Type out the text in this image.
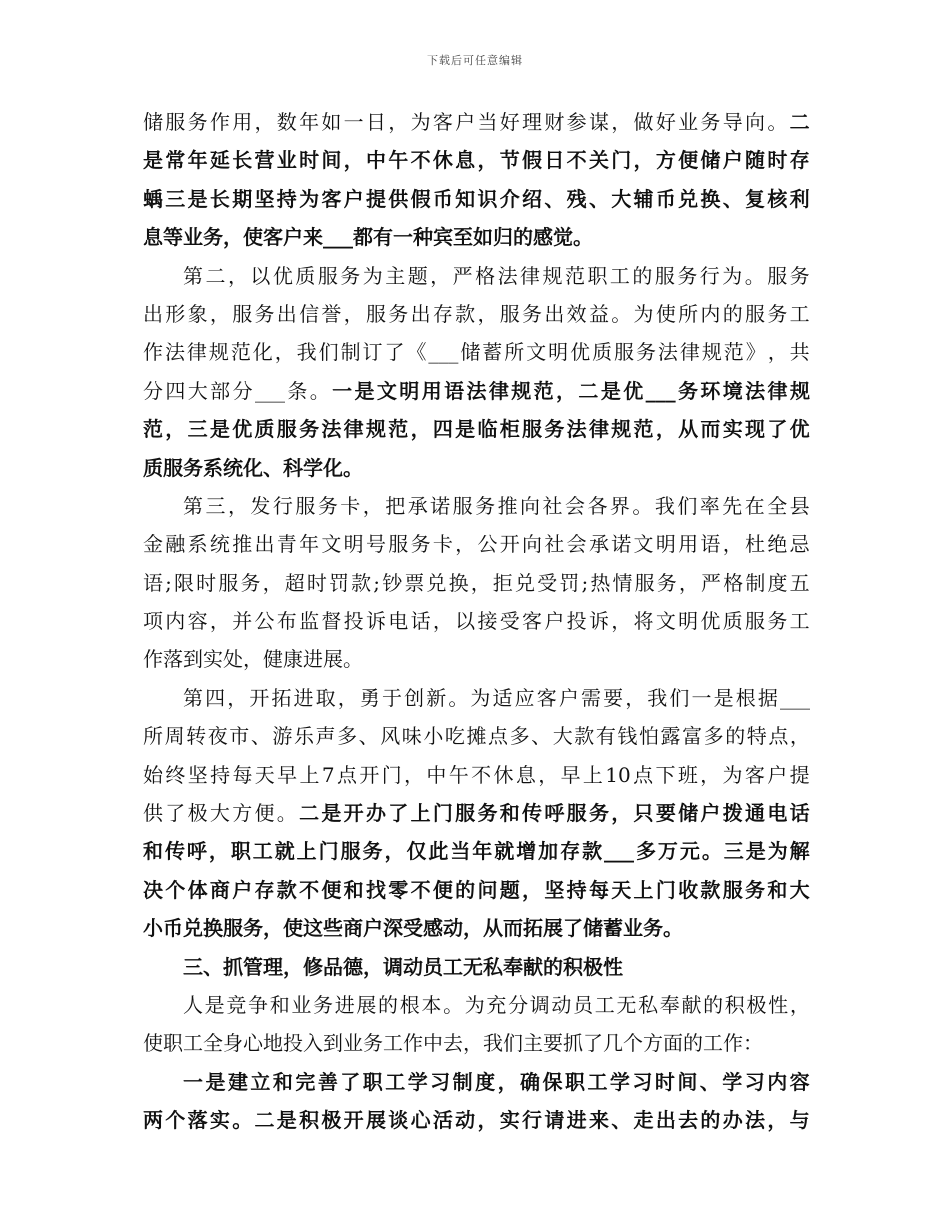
下载后可任意编辑
储 服 务 作 用 ， 数 年 如 一 日 ， 为 客 户 当 好 理 财 参 谋 ， 做 好 业 务 导 向 。 二
是 常 年 延 长 营 业 时 间 ， 中 午 不 休 息 ， 节 假 日 不 关 门 ， 方 便 储 户 随 时 存
蝺 三 是 长 期 坚 持 为 客 户 提 供 假 币 知 识 介 绍 、 残 、 大 辅 币 兑 换 、 复 核 利
息等业务，使客户来___都有一种宾至如归的感觉。
第 二 ， 以 优 质 服 务 为 主 题 ， 严 格 法 律 规 范 职 工 的 服 务 行 为 。 服 务
出 形 象 ， 服 务 出 信 誉 ， 服 务 出 存 款 ， 服 务 出 效 益 。 为 使 所 内 的 服 务 工
作 法 律 规 范 化 ， 我 们 制 订 了 《 ___ 储 蓄 所 文 明 优 质 服 务 法 律 规 范 》 ， 共
分 四 大 部 分 ___ 条 。 一 是 文 明 用 语 法 律 规 范 ， 二 是 优 ___ 务 环 境 法 律 规
范 ， 三 是 优 质 服 务 法 律 规 范 ， 四 是 临 柜 服 务 法 律 规 范 ， 从 而 实 现 了 优
质服务系统化、科学化。
第 三 ， 发 行 服 务 卡 ， 把 承 诺 服 务 推 向 社 会 各 界 。 我 们 率 先 在 全 县
金 融 系 统 推 出 青 年 文 明 号 服 务 卡 ， 公 开 向 社 会 承 诺 文 明 用 语 ， 杜 绝 忌
语 ; 限 时 服 务 ， 超 时 罚 款 ; 钞 票 兑 换 ， 拒 兑 受 罚 ; 热 情 服 务 ， 严 格 制 度 五
项 内 容 ， 并 公 布 监 督 投 诉 电 话 ， 以 接 受 客 户 投 诉 ， 将 文 明 优 质 服 务 工
作落到实处，健康进展。
第 四 ， 开 拓 进 取 ， 勇 于 创 新 。 为 适 应 客 户 需 要 ， 我 们 一 是 根 据 ___
所 周 转 夜 市 、 游 乐 声 多 、 风 味 小 吃 摊 点 多 、 大 款 有 钱 怕 露 富 多 的 特 点 ，
始 终 坚 持 每 天 早 上 7 点 开 门 ， 中 午 不 休 息 ， 早 上 10 点 下 班 ， 为 客 户 提
供 了 极 大 方 便 。 二 是 开 办 了 上 门 服 务 和 传 呼 服 务 ， 只 要 储 户 拨 通 电 话
和 传 呼 ， 职 工 就 上 门 服 务 ， 仅 此 当 年 就 增 加 存 款 ___ 多 万 元 。 三 是 为 解
决 个 体 商 户 存 款 不 便 和 找 零 不 便 的 问 题 ， 坚 持 每 天 上 门 收 款 服 务 和 大
小币兑换服务，使这些商户深受感动，从而拓展了储蓄业务。
三、抓管理，修品德，调动员工无私奉献的积极性
人 是 竞 争 和 业 务 进 展 的 根 本 。 为 充 分 调 动 员 工 无 私 奉 献 的 积 极 性 ，
使职工全身心地投入到业务工作中去，我们主要抓了几个方面的工作：
一 是 建 立 和 完 善 了 职 工 学 习 制 度 ， 确 保 职 工 学 习 时 间 、 学 习 内 容
两 个 落 实 。 二 是 积 极 开 展 谈 心 活 动 ， 实 行 请 进 来 、 走 出 去 的 办 法 ， 与
